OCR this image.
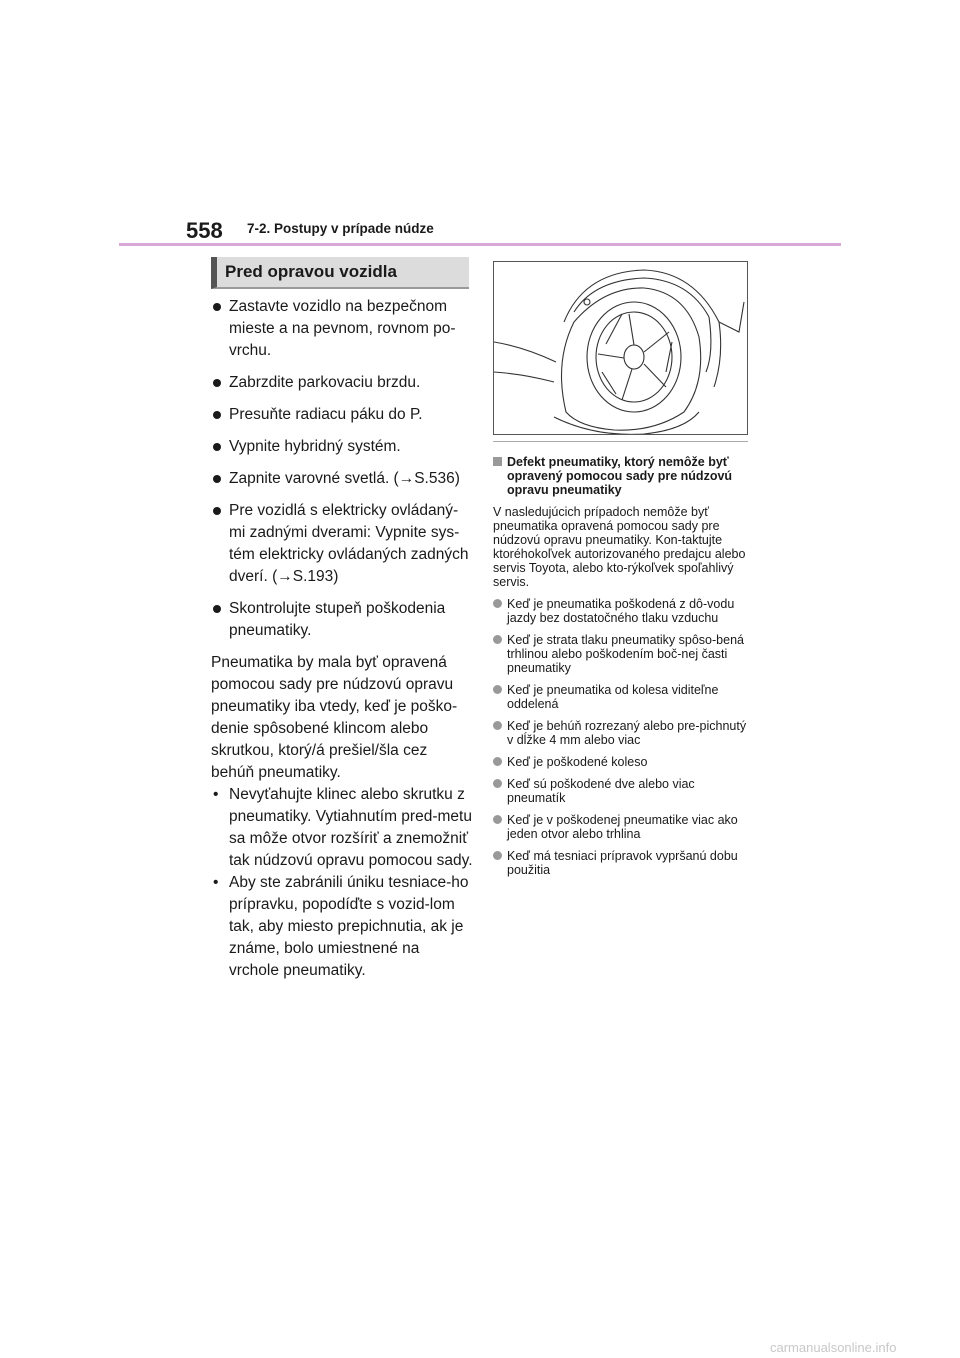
558 7-2. Postupy v prípade núdze
Pred opravou vozidla
Zastavte vozidlo na bezpečnom mieste a na pevnom, rovnom po-vrchu.
Zabrzdite parkovaciu brzdu.
Presuňte radiacu páku do P.
Vypnite hybridný systém.
Zapnite varovné svetlá. (→S.536)
Pre vozidlá s elektricky ovládaný-mi zadnými dverami: Vypnite sys-tém elektricky ovládaných zadných dverí. (→S.193)
Skontrolujte stupeň poškodenia pneumatiky.
Pneumatika by mala byť opravená pomocou sady pre núdzovú opravu pneumatiky iba vtedy, keď je poško-denie spôsobené klincom alebo skrutkou, ktorý/á prešiel/šla cez behúň pneumatiky.
• Nevyťahujte klinec alebo skrutku z pneumatiky. Vytiahnutím pred-metu sa môže otvor rozšíriť a znemožniť tak núdzovú opravu pomocou sady.
• Aby ste zabránili úniku tesniace-ho prípravku, popodíďte s vozid-lom tak, aby miesto prepichnutia, ak je známe, bolo umiestnené na vrchole pneumatiky.
Defekt pneumatiky, ktorý nemôže byť opravený pomocou sady pre núdzovú opravu pneumatiky
V nasledujúcich prípadoch nemôže byť pneumatika opravená pomocou sady pre núdzovú opravu pneumatiky. Kon-taktujte ktoréhokoľvek autorizovaného predajcu alebo servis Toyota, alebo kto-rýkoľvek spoľahlivý servis.
Keď je pneumatika poškodená z dô-vodu jazdy bez dostatočného tlaku vzduchu
Keď je strata tlaku pneumatiky spôso-bená trhlinou alebo poškodením boč-nej časti pneumatiky
Keď je pneumatika od kolesa viditeľne oddelená
Keď je behúň rozrezaný alebo pre-pichnutý v dĺžke 4 mm alebo viac
Keď je poškodené koleso
Keď sú poškodené dve alebo viac pneumatík
Keď je v poškodenej pneumatike viac ako jeden otvor alebo trhlina
Keď má tesniaci prípravok vypršanú dobu použitia
carmanualsonline.info
